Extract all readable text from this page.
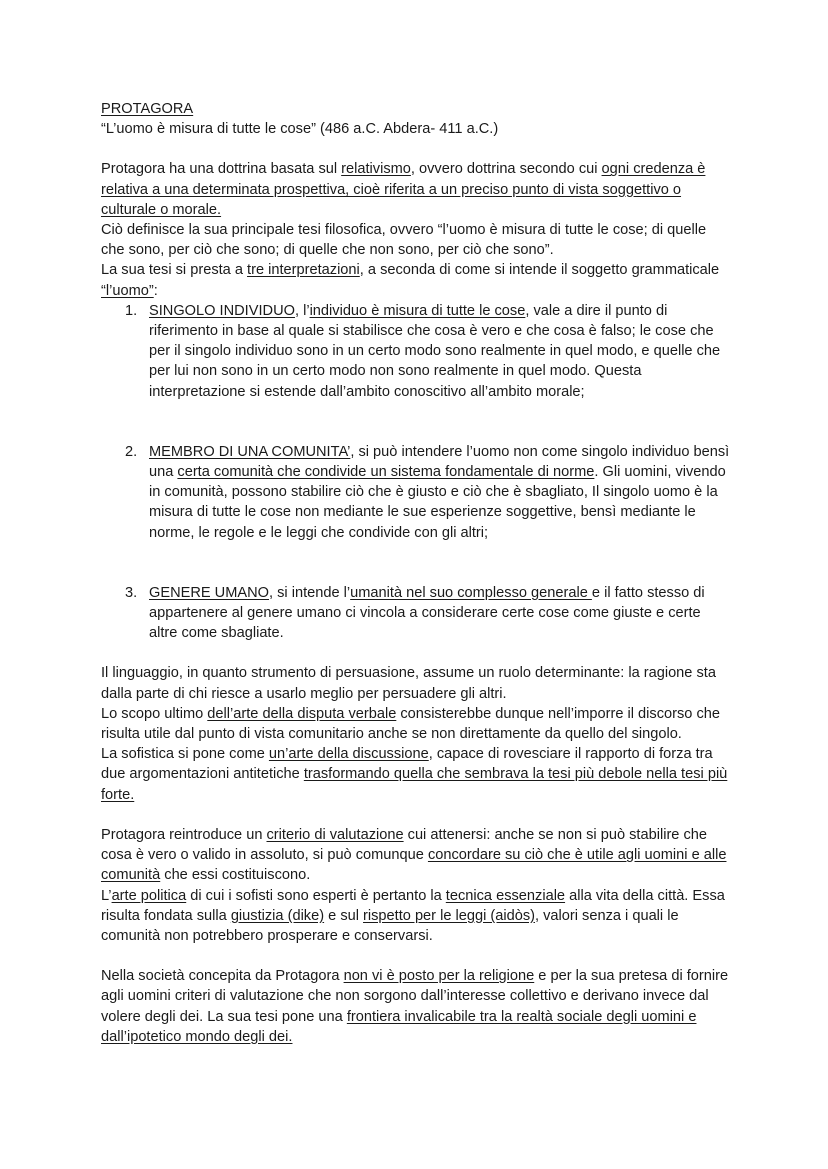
PROTAGORA

“L’uomo è misura di tutte le cose” (486 a.C. Abdera- 411 a.C.)

Protagora ha una dottrina basata sul relativismo, ovvero dottrina secondo cui ogni credenza è relativa a una determinata prospettiva, cioè riferita a un preciso punto di vista soggettivo o culturale o morale.

Ciò definisce la sua principale tesi filosofica, ovvero “l’uomo è misura di tutte le cose; di quelle che sono, per ciò che sono; di quelle che non sono, per ciò che sono”.

La sua tesi si presta a tre interpretazioni, a seconda di come si intende il soggetto grammaticale “l’uomo”:

1. SINGOLO INDIVIDUO, l’individuo è misura di tutte le cose, vale a dire il punto di riferimento in base al quale si stabilisce che cosa è vero e che cosa è falso; le cose che per il singolo individuo sono in un certo modo sono realmente in quel modo, e quelle che per lui non sono in un certo modo non sono realmente in quel modo. Questa interpretazione si estende dall’ambito conoscitivo all’ambito morale;
2. MEMBRO DI UNA COMUNITA’, si può intendere l’uomo non come singolo individuo bensì una certa comunità che condivide un sistema fondamentale di norme. Gli uomini, vivendo in comunità, possono stabilire ciò che è giusto e ciò che è sbagliato, Il singolo uomo è la misura di tutte le cose non mediante le sue esperienze soggettive, bensì mediante le norme, le regole e le leggi che condivide con gli altri;
3. GENERE UMANO, si intende l’umanità nel suo complesso generale e il fatto stesso di appartenere al genere umano ci vincola a considerare certe cose come giuste e certe altre come sbagliate.

Il linguaggio, in quanto strumento di persuasione, assume un ruolo determinante: la ragione sta dalla parte di chi riesce a usarlo meglio per persuadere gli altri.

Lo scopo ultimo dell’arte della disputa verbale consisterebbe dunque nell’imporre il discorso che risulta utile dal punto di vista comunitario anche se non direttamente da quello del singolo.

La sofistica si pone come un’arte della discussione, capace di rovesciare il rapporto di forza tra due argomentazioni antitetiche trasformando quella che sembrava la tesi più debole nella tesi più forte.

Protagora reintroduce un criterio di valutazione cui attenersi: anche se non si può stabilire che cosa è vero o valido in assoluto, si può comunque concordare su ciò che è utile agli uomini e alle comunità che essi costituiscono.

L’arte politica di cui i sofisti sono esperti è pertanto la tecnica essenziale alla vita della città. Essa risulta fondata sulla giustizia (dike) e sul rispetto per le leggi (aidòs), valori senza i quali le comunità non potrebbero prosperare e conservarsi.

Nella società concepita da Protagora non vi è posto per la religione e per la sua pretesa di fornire agli uomini criteri di valutazione che non sorgono dall’interesse collettivo e derivano invece dal volere degli dei. La sua tesi pone una frontiera invalicabile tra la realtà sociale degli uomini e dall’ipotetico mondo degli dei.
